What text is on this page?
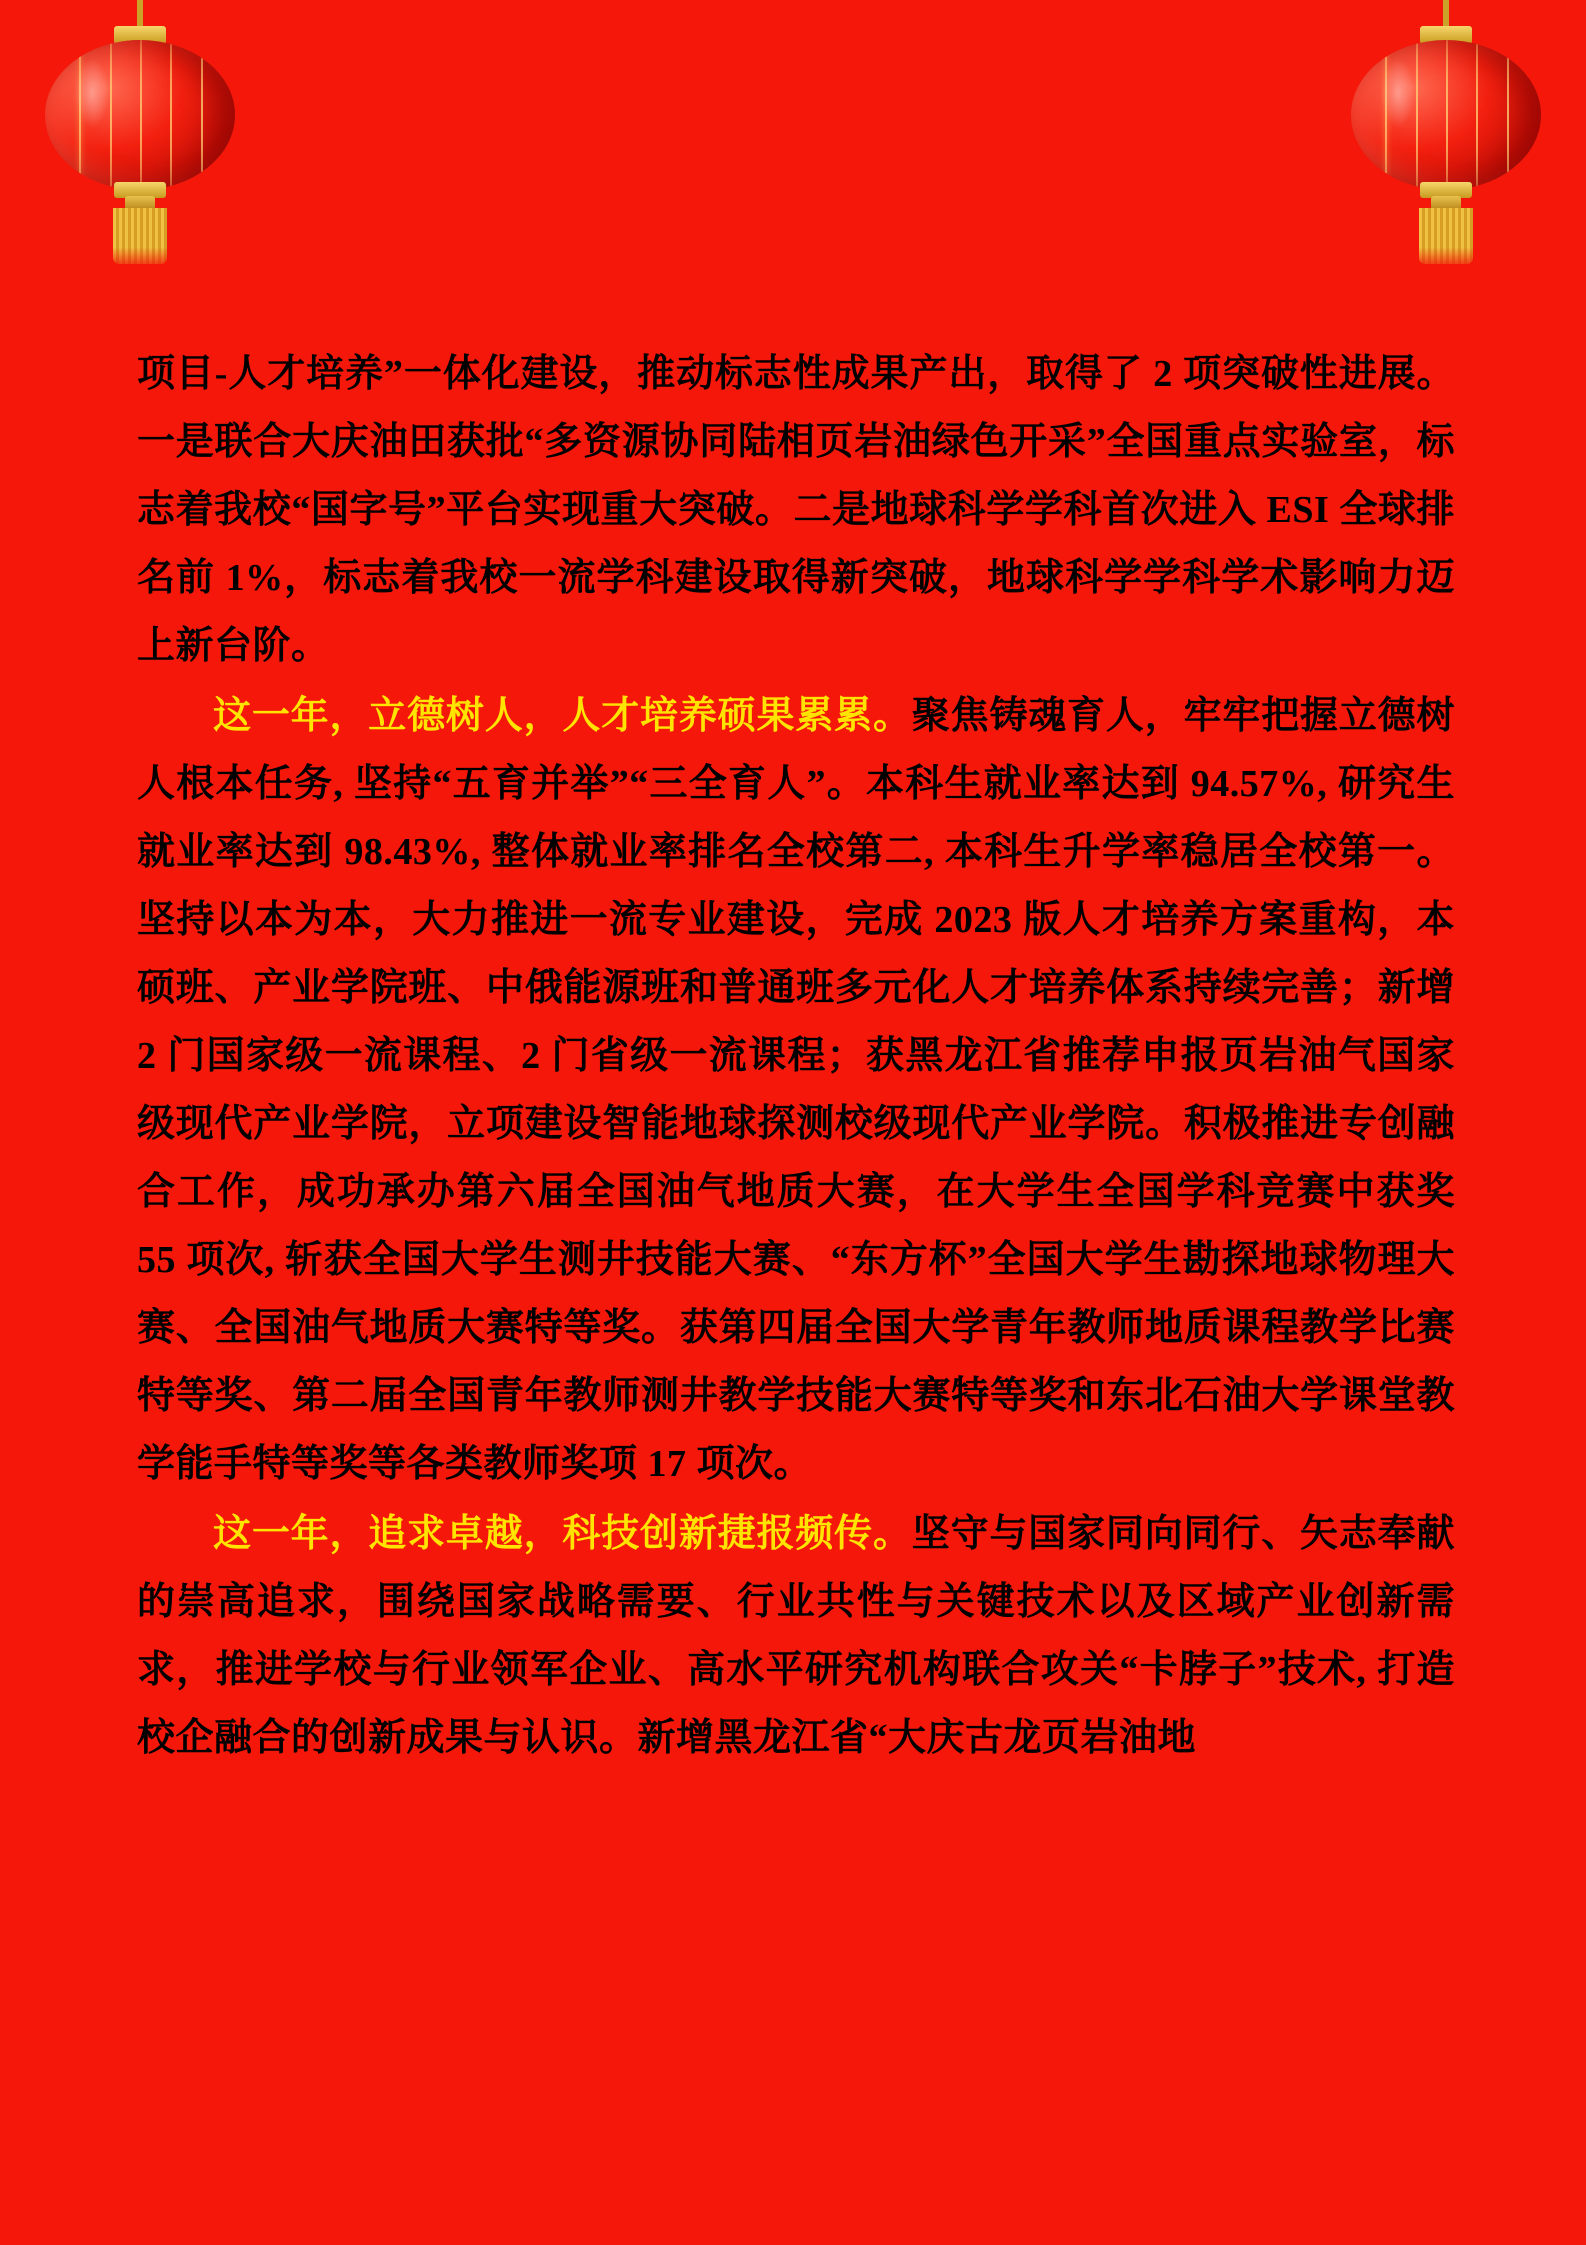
项目-人才培养”一体化建设，推动标志性成果产出，取得了 2 项突破性进展。一是联合大庆油田获批“多资源协同陆相页岩油绿色开采”全国重点实验室，标志着我校“国字号”平台实现重大突破。二是地球科学学科首次进入 ESI 全球排名前 1%，标志着我校一流学科建设取得新突破，地球科学学科学术影响力迈上新台阶。

这一年，立德树人，人才培养硕果累累。聚焦铸魂育人，牢牢把握立德树人根本任务, 坚持“五育并举”“三全育人”。本科生就业率达到 94.57%, 研究生就业率达到 98.43%, 整体就业率排名全校第二, 本科生升学率稳居全校第一。坚持以本为本，大力推进一流专业建设，完成 2023 版人才培养方案重构，本硕班、产业学院班、中俄能源班和普通班多元化人才培养体系持续完善；新增 2 门国家级一流课程、2 门省级一流课程；获黑龙江省推荐申报页岩油气国家级现代产业学院，立项建设智能地球探测校级现代产业学院。积极推进专创融合工作，成功承办第六届全国油气地质大赛，在大学生全国学科竞赛中获奖 55 项次, 斩获全国大学生测井技能大赛、“东方杯”全国大学生勘探地球物理大赛、全国油气地质大赛特等奖。获第四届全国大学青年教师地质课程教学比赛特等奖、第二届全国青年教师测井教学技能大赛特等奖和东北石油大学课堂教学能手特等奖等各类教师奖项 17 项次。

这一年，追求卓越，科技创新捷报频传。坚守与国家同向同行、矢志奉献的崇高追求，围绕国家战略需要、行业共性与关键技术以及区域产业创新需求，推进学校与行业领军企业、高水平研究机构联合攻关“卡脖子”技术, 打造校企融合的创新成果与认识。新增黑龙江省“大庆古龙页岩油地
